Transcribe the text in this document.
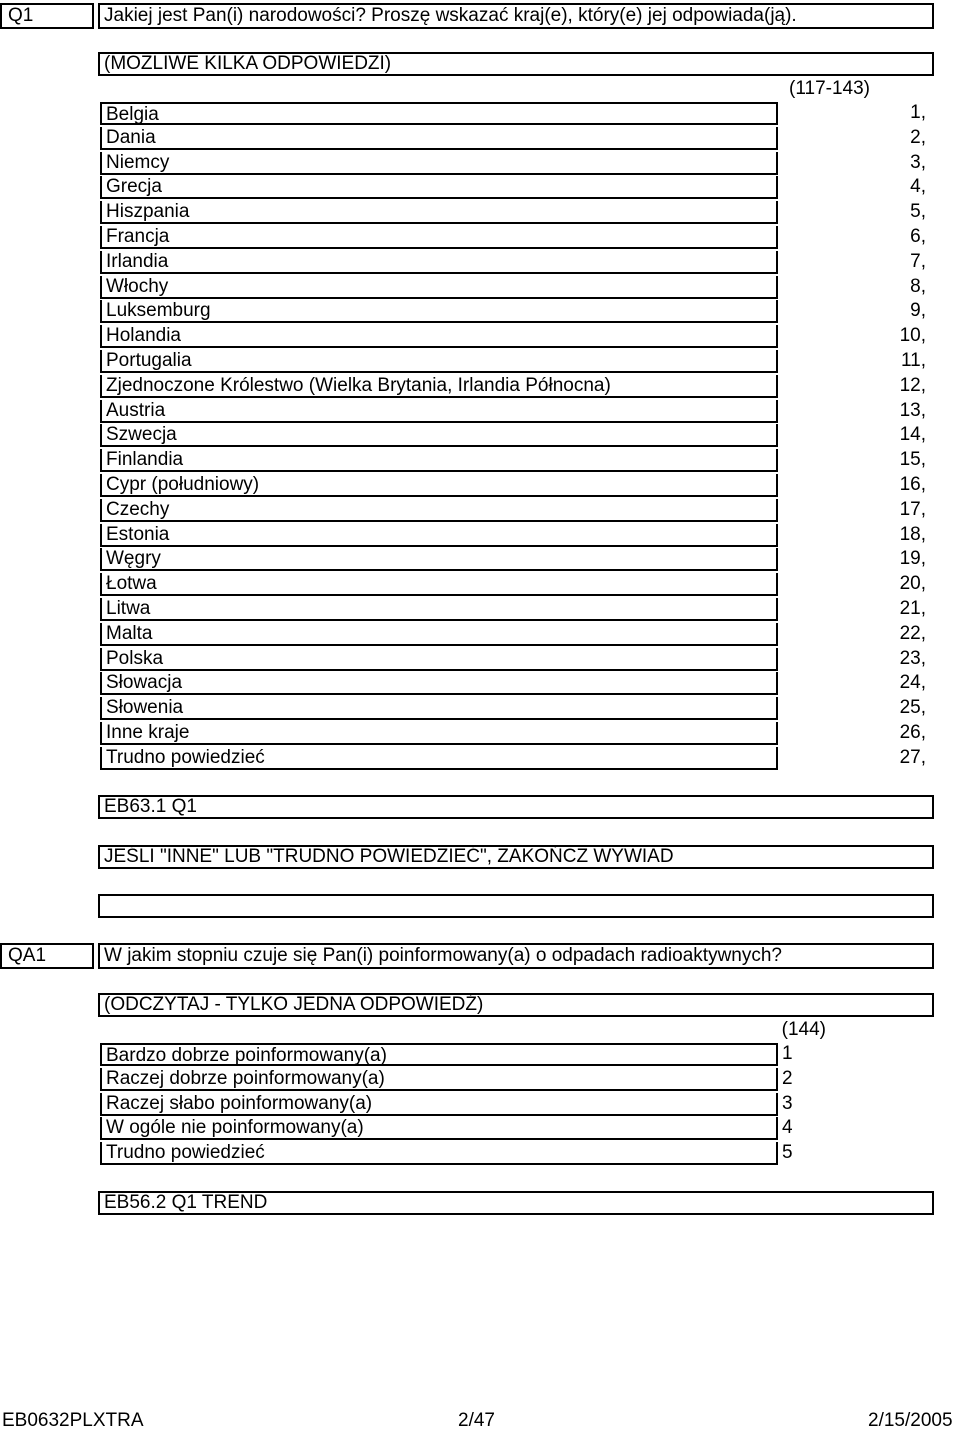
Q1	Jakiej jest Pan(i) narodowości? Proszę wskazać kraj(e), który(e) jej odpowiada(ją).
(MOŻLIWE KILKA ODPOWIEDZI)
(117-143)
Belgia	1,
Dania	2,
Niemcy	3,
Grecja	4,
Hiszpania	5,
Francja	6,
Irlandia	7,
Włochy	8,
Luksemburg	9,
Holandia	10,
Portugalia	11,
Zjednoczone Królestwo (Wielka Brytania, Irlandia Północna)	12,
Austria	13,
Szwecja	14,
Finlandia	15,
Cypr (południowy)	16,
Czechy	17,
Estonia	18,
Węgry	19,
Łotwa	20,
Litwa	21,
Malta	22,
Polska	23,
Słowacja	24,
Słowenia	25,
Inne kraje	26,
Trudno powiedzieć	27,
EB63.1 Q1
JEŚLI "INNE" LUB "TRUDNO POWIEDZIEĆ", ZAKOŃCZ WYWIAD
QA1	W jakim stopniu czuje się Pan(i) poinformowany(a) o odpadach radioaktywnych?
(ODCZYTAJ - TYLKO JEDNA ODPOWIEDŹ)
(144)
Bardzo dobrze poinformowany(a)	1
Raczej dobrze poinformowany(a)	2
Raczej słabo poinformowany(a)	3
W ogóle nie poinformowany(a)	4
Trudno powiedzieć	5
EB56.2 Q1 TREND
EB0632PLXTRA	2/47	2/15/2005
